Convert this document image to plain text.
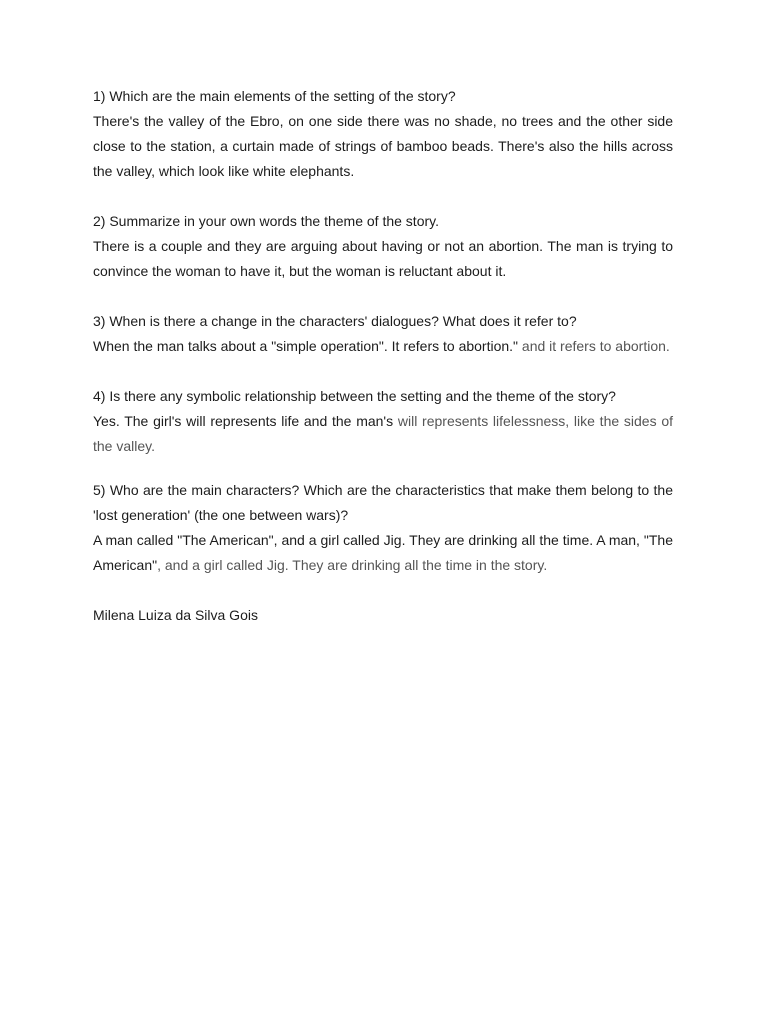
1) Which are the main elements of the setting of the story?

There's the valley of the Ebro, on one side there was no shade, no trees and the other side close to the station, a curtain made of strings of bamboo beads. There's also the hills across the valley, which look like white elephants.

2) Summarize in your own words the theme of the story.

There is a couple and they are arguing about having or not an abortion. The man is trying to convince the woman to have it, but the woman is reluctant about it.

3) When is there a change in the characters' dialogues? What does it refer to?

When the man talks about a "simple operation". It refers to abortion." and it refers to abortion.

4) Is there any symbolic relationship between the setting and the theme of the story?

Yes. The girl's will represents life and the man's will represents lifelessness, like the sides of the valley.

5) Who are the main characters? Which are the characteristics that make them belong to the 'lost generation' (the one between wars)?

A man called "The American", and a girl called Jig. They are drinking all the time. A man, "The American", and a girl called Jig. They are drinking all the time in the story.

Milena Luiza da Silva Gois
